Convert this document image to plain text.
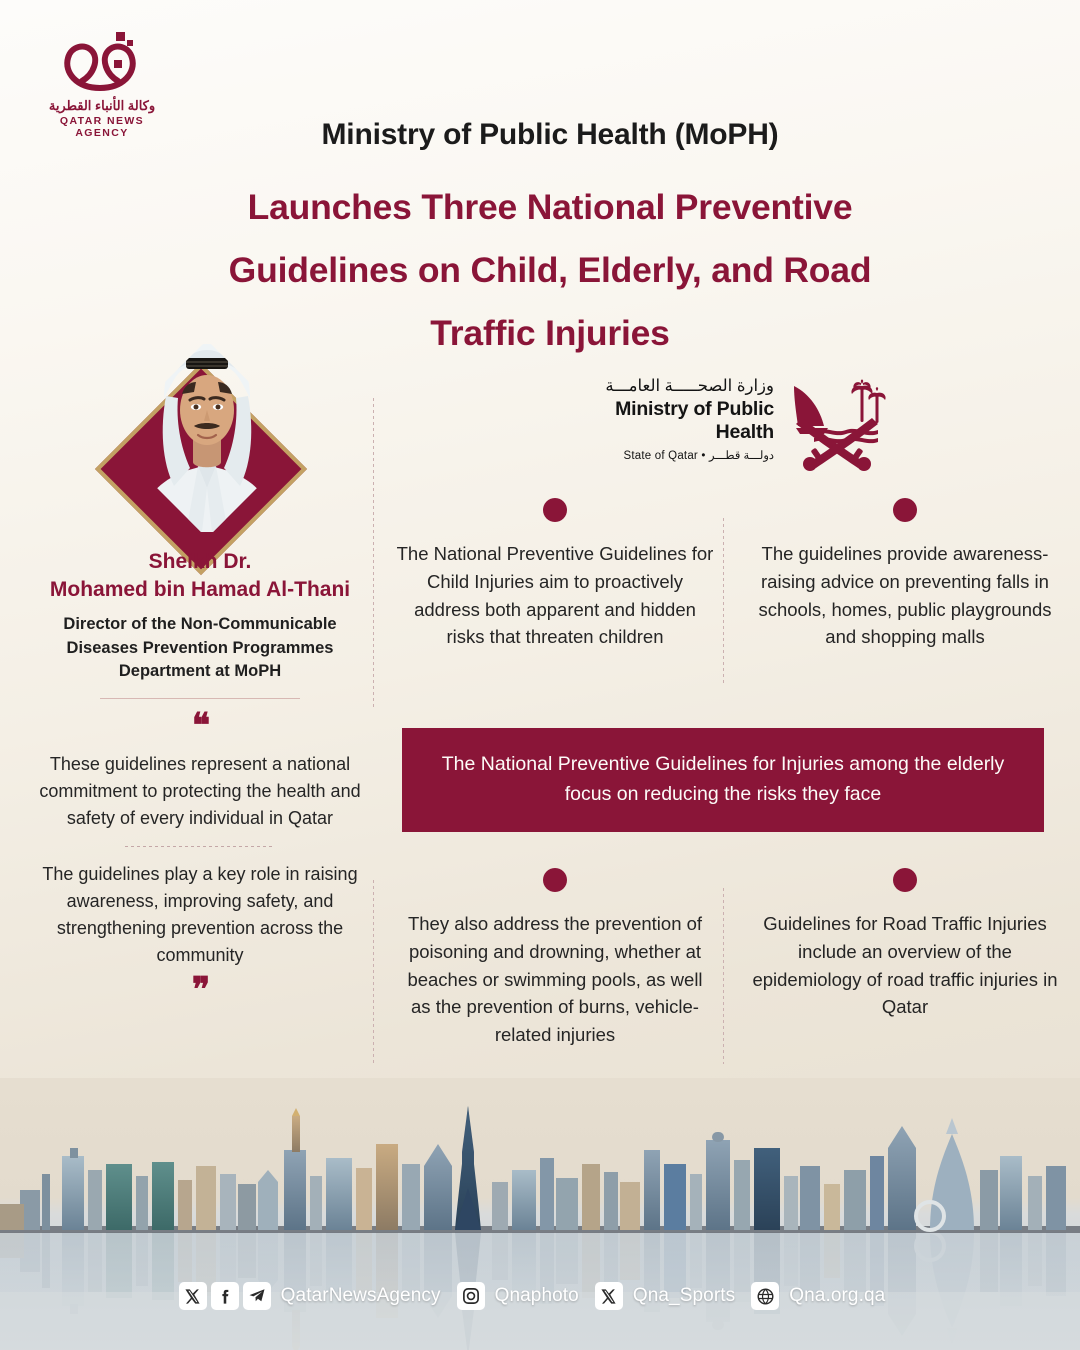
وكالة الأنباء القطرية
QATAR NEWS AGENCY	Ministry of Public Health (MoPH)
Launches Three National Preventive
Guidelines on Child, Elderly, and Road
Traffic Injuries
Sheikh Dr.
Mohamed bin Hamad Al-Thani
Director of the Non-Communicable
Diseases Prevention Programmes
Department at MoPH
❝
These guidelines represent a national commitment to protecting the health and safety of every individual in Qatar
The guidelines play a key role in raising awareness, improving safety, and strengthening prevention across the community
❞
وزارة الصحـــــة العامـــة
Ministry of Public Health
State of Qatar • دولـــة قطـــر
The National Preventive Guidelines for Child Injuries aim to proactively address both apparent and hidden risks that threaten children
The guidelines provide awareness-raising advice on preventing falls in schools, homes, public playgrounds and shopping malls
They also address the prevention of poisoning and drowning, whether at beaches or swimming pools, as well as the prevention of burns, vehicle-related injuries
Guidelines for Road Traffic Injuries include an overview of the epidemiology of road traffic injuries in Qatar
The National Preventive Guidelines for Injuries among the elderly focus on reducing the risks they face
QatarNewsAgency	Qnaphoto	Qna_Sports	Qna.org.qa
